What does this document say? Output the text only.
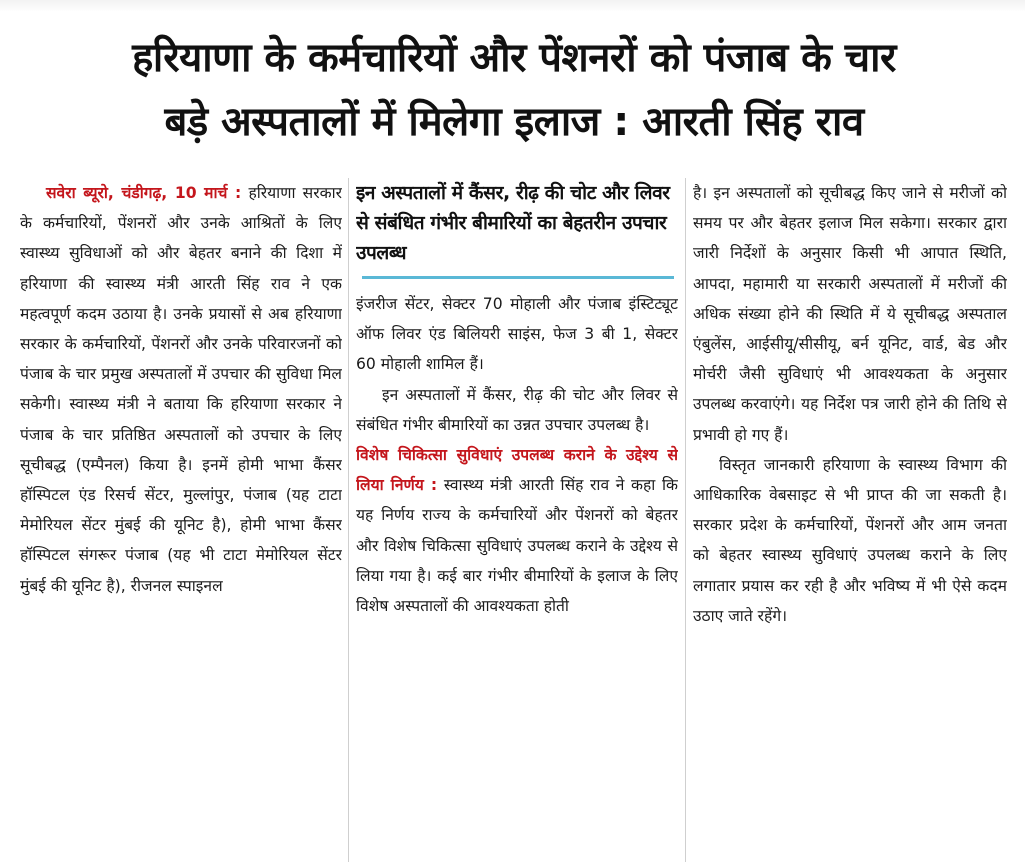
हरियाणा के कर्मचारियों और पेंशनरों को पंजाब के चार
बड़े अस्पतालों में मिलेगा इलाज : आरती सिंह राव

सवेरा ब्यूरो, चंडीगढ़, 10 मार्च : हरियाणा सरकार के कर्मचारियों, पेंशनरों और उनके आश्रितों के लिए स्वास्थ्य सुविधाओं को और बेहतर बनाने की दिशा में हरियाणा की स्वास्थ्य मंत्री आरती सिंह राव ने एक महत्वपूर्ण कदम उठाया है। उनके प्रयासों से अब हरियाणा सरकार के कर्मचारियों, पेंशनरों और उनके परिवारजनों को पंजाब के चार प्रमुख अस्पतालों में उपचार की सुविधा मिल सकेगी। स्वास्थ्य मंत्री ने बताया कि हरियाणा सरकार ने पंजाब के चार प्रतिष्ठित अस्पतालों को उपचार के लिए सूचीबद्ध (एम्पैनल) किया है। इनमें होमी भाभा कैंसर हॉस्पिटल एंड रिसर्च सेंटर, मुल्लांपुर, पंजाब (यह टाटा मेमोरियल सेंटर मुंबई की यूनिट है), होमी भाभा कैंसर हॉस्पिटल संगरूर पंजाब (यह भी टाटा मेमोरियल सेंटर मुंबई की यूनिट है), रीजनल स्पाइनल

इन अस्पतालों में कैंसर, रीढ़ की चोट और लिवर से संबंधित गंभीर बीमारियों का बेहतरीन उपचार उपलब्ध

इंजरीज सेंटर, सेक्टर 70 मोहाली और पंजाब इंस्टिट्यूट ऑफ लिवर एंड बिलियरी साइंस, फेज 3 बी 1, सेक्टर 60 मोहाली शामिल हैं।

इन अस्पतालों में कैंसर, रीढ़ की चोट और लिवर से संबंधित गंभीर बीमारियों का उन्नत उपचार उपलब्ध है।

विशेष चिकित्सा सुविधाएं उपलब्ध कराने के उद्देश्य से लिया निर्णय : स्वास्थ्य मंत्री आरती सिंह राव ने कहा कि यह निर्णय राज्य के कर्मचारियों और पेंशनरों को बेहतर और विशेष चिकित्सा सुविधाएं उपलब्ध कराने के उद्देश्य से लिया गया है। कई बार गंभीर बीमारियों के इलाज के लिए विशेष अस्पतालों की आवश्यकता होती

है। इन अस्पतालों को सूचीबद्ध किए जाने से मरीजों को समय पर और बेहतर इलाज मिल सकेगा। सरकार द्वारा जारी निर्देशों के अनुसार किसी भी आपात स्थिति, आपदा, महामारी या सरकारी अस्पतालों में मरीजों की अधिक संख्या होने की स्थिति में ये सूचीबद्ध अस्पताल एंबुलेंस, आईसीयू/सीसीयू, बर्न यूनिट, वार्ड, बेड और मोर्चरी जैसी सुविधाएं भी आवश्यकता के अनुसार उपलब्ध करवाएंगे। यह निर्देश पत्र जारी होने की तिथि से प्रभावी हो गए हैं।

विस्तृत जानकारी हरियाणा के स्वास्थ्य विभाग की आधिकारिक वेबसाइट से भी प्राप्त की जा सकती है। सरकार प्रदेश के कर्मचारियों, पेंशनरों और आम जनता को बेहतर स्वास्थ्य सुविधाएं उपलब्ध कराने के लिए लगातार प्रयास कर रही है और भविष्य में भी ऐसे कदम उठाए जाते रहेंगे।
